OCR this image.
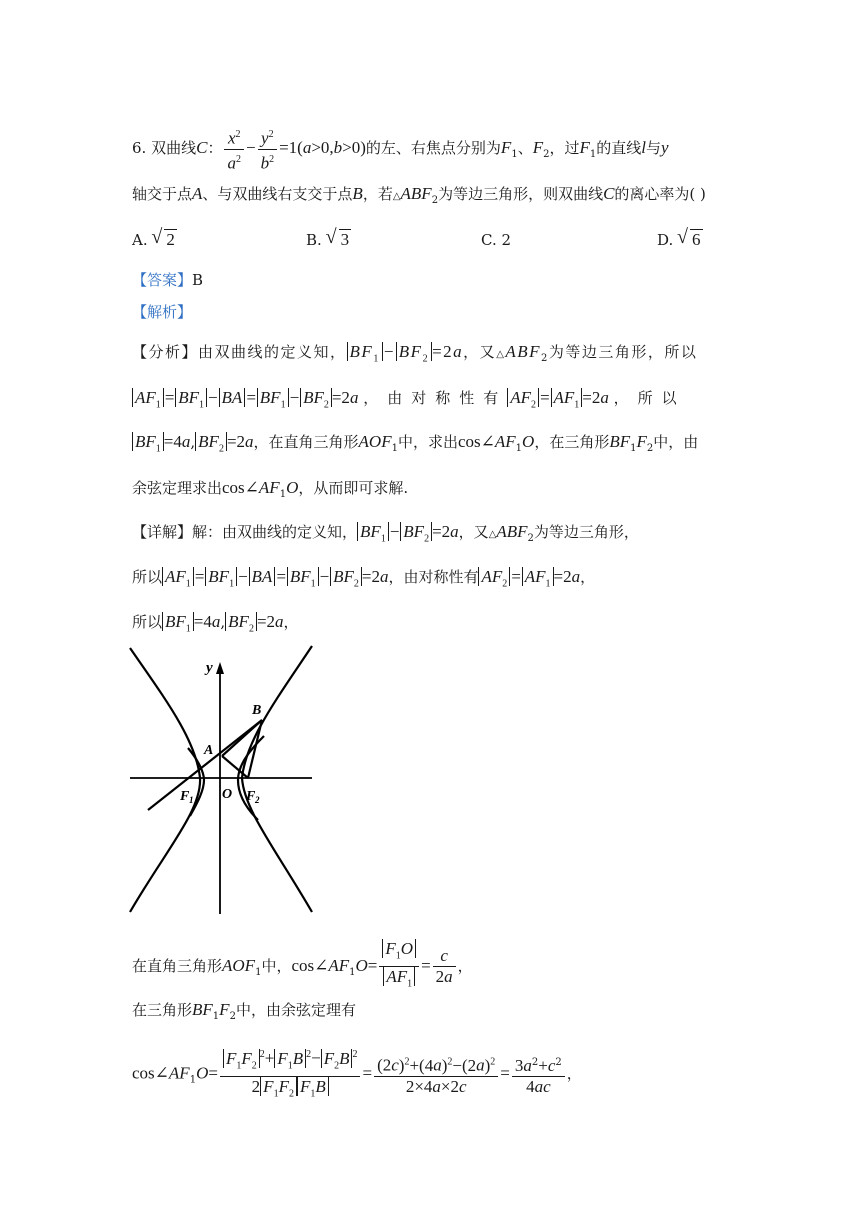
6. 双曲线C： $\frac{x^2}{a^2} - \frac{y^2}{b^2} =1(a>0,b>0)$的左、右焦点分别为$F_1$、$F_2$，过$F_1$的直线l与y
轴交于点A、与双曲线右支交于点B，若$\triangle ABF_2$为等边三角形，则双曲线C的离心率为( )
A. √ 2	B. √ 3	C. 2	D. √ 6
【答案】B
【解析】
【分析】由双曲线的定义知， $BF_1 - BF_2 =2a$，又$\triangle ABF_2$为等边三角形，所以
$AF_1 = BF_1$ − BA = $BF_1 - BF_2 =2a$ ，由对称性有 $AF_2 = AF_1 =2a$ ，所以
$BF_1 =4a$, $BF_2 =2a$，在直角三角形$AOF_1$中，求出$\cos\angle AF_1O$，在三角形$BF_1F_2$中，由
余弦定理求出$\cos\angle AF_1O$，从而即可求解.
【详解】解：由双曲线的定义知， $BF_1 - BF_2 =2a$，又$\triangle ABF_2$为等边三角形，
所以 $AF_1 = BF_1$ − BA = $BF_1 - BF_2 =2a$，由对称性有 $AF_2 = AF_1 =2a$，
所以 $BF_1 =4a$, $BF_2 =2a$，
y
B
A
F 1 O F 2
在直角三角形$AOF_1$中，$\cos\angle AF_1O= \frac{F_1O}{AF_1} = \frac{c}{2a}$ ，
在三角形$BF_1F_2$中，由余弦定理有
$\cos\angle AF_1O= \frac{F_1F_2^2+ F_1B ^2- F_2B ^2}{2 F_1F_2 F_1B} = \frac{(2c)^2+(4a)^2-(2a)^2}{2\times 4a\times 2c} = \frac{3a^2+c^2}{4ac}$ ，
